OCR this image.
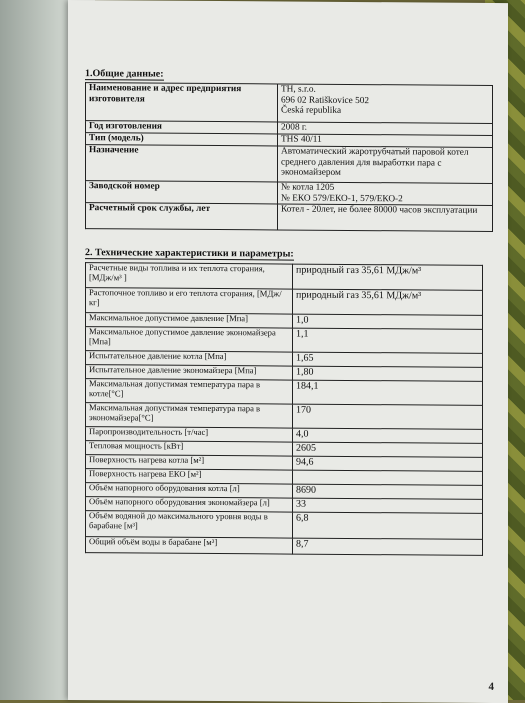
1.Общие данные:
Наименование и адрес предприятия изготовителя	TH, s.r.o.
696 02 Ratiškovice 502
Česká republika
Год изготовления	2008 г.
Тип (модель)	THS 40/11
Назначение	Автоматический жаротрубчатый паровой котел среднего давления для выработки пара с экономайзером
Заводской номер	№ котла 1205
№ ЕКО 579/ЕКО-1, 579/ЕКО-2
Расчетный срок службы, лет	Котел - 20лет, не более 80000 часов эксплуатации
2. Технические характеристики и параметры:
Расчетные виды топлива и их теплота сгорания, [МДж/м³ ]	природный газ 35,61 МДж/м³
Растопочное топливо и его теплота сгорания, [МДж/кг]	природный газ 35,61 МДж/м³
Максимальное допустимое давление [Мпа]	1,0
Максимальное допустимое давление экономайзера [Мпа]	1,1
Испытательное давление котла [Мпа]	1,65
Испытательное давление экономайзера [Мпа]	1,80
Максимальная допустимая температура пара в котле[°C]	184,1
Максимальная допустимая температура пара в экономайзера[°C]	170
Паропроизводительность [т/час]	4,0
Тепловая мощность [кВт]	2605
Поверхность нагрева котла [м²]	94,6
Поверхность нагрева ЕКО [м²]	
Объём напорного оборудования котла [л]	8690
Объём напорного оборудования экономайзера [л]	33
Объём водяной до максимального уровня воды в барабане [м³]	6,8
Общий объём воды в барабане [м³]	8,7
4
